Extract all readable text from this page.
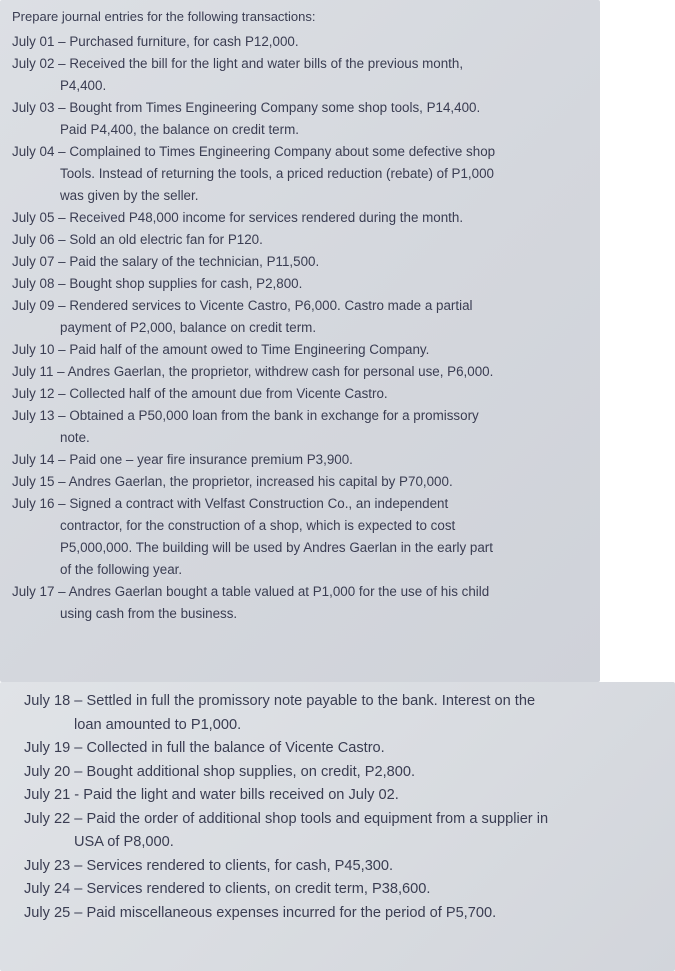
Prepare journal entries for the following transactions:
July 01 – Purchased furniture, for cash P12,000.
July 02 – Received the bill for the light and water bills of the previous month,
P4,400.
July 03 – Bought from Times Engineering Company some shop tools, P14,400.
Paid P4,400, the balance on credit term.
July 04 – Complained to Times Engineering Company about some defective shop
Tools. Instead of returning the tools, a priced reduction (rebate) of P1,000
was given by the seller.
July 05 – Received P48,000 income for services rendered during the month.
July 06 – Sold an old electric fan for P120.
July 07 – Paid the salary of the technician, P11,500.
July 08 – Bought shop supplies for cash, P2,800.
July 09 – Rendered services to Vicente Castro, P6,000. Castro made a partial
payment of P2,000, balance on credit term.
July 10 – Paid half of the amount owed to Time Engineering Company.
July 11 – Andres Gaerlan, the proprietor, withdrew cash for personal use, P6,000.
July 12 – Collected half of the amount due from Vicente Castro.
July 13 – Obtained a P50,000 loan from the bank in exchange for a promissory
note.
July 14 – Paid one – year fire insurance premium P3,900.
July 15 – Andres Gaerlan, the proprietor, increased his capital by P70,000.
July 16 – Signed a contract with Velfast Construction Co., an independent
contractor, for the construction of a shop, which is expected to cost
P5,000,000. The building will be used by Andres Gaerlan in the early part
of the following year.
July 17 – Andres Gaerlan bought a table valued at P1,000 for the use of his child
using cash from the business.
July 18 – Settled in full the promissory note payable to the bank. Interest on the
loan amounted to P1,000.
July 19 – Collected in full the balance of Vicente Castro.
July 20 – Bought additional shop supplies, on credit, P2,800.
July 21 - Paid the light and water bills received on July 02.
July 22 – Paid the order of additional shop tools and equipment from a supplier in
USA of P8,000.
July 23 – Services rendered to clients, for cash, P45,300.
July 24 – Services rendered to clients, on credit term, P38,600.
July 25 – Paid miscellaneous expenses incurred for the period of P5,700.
